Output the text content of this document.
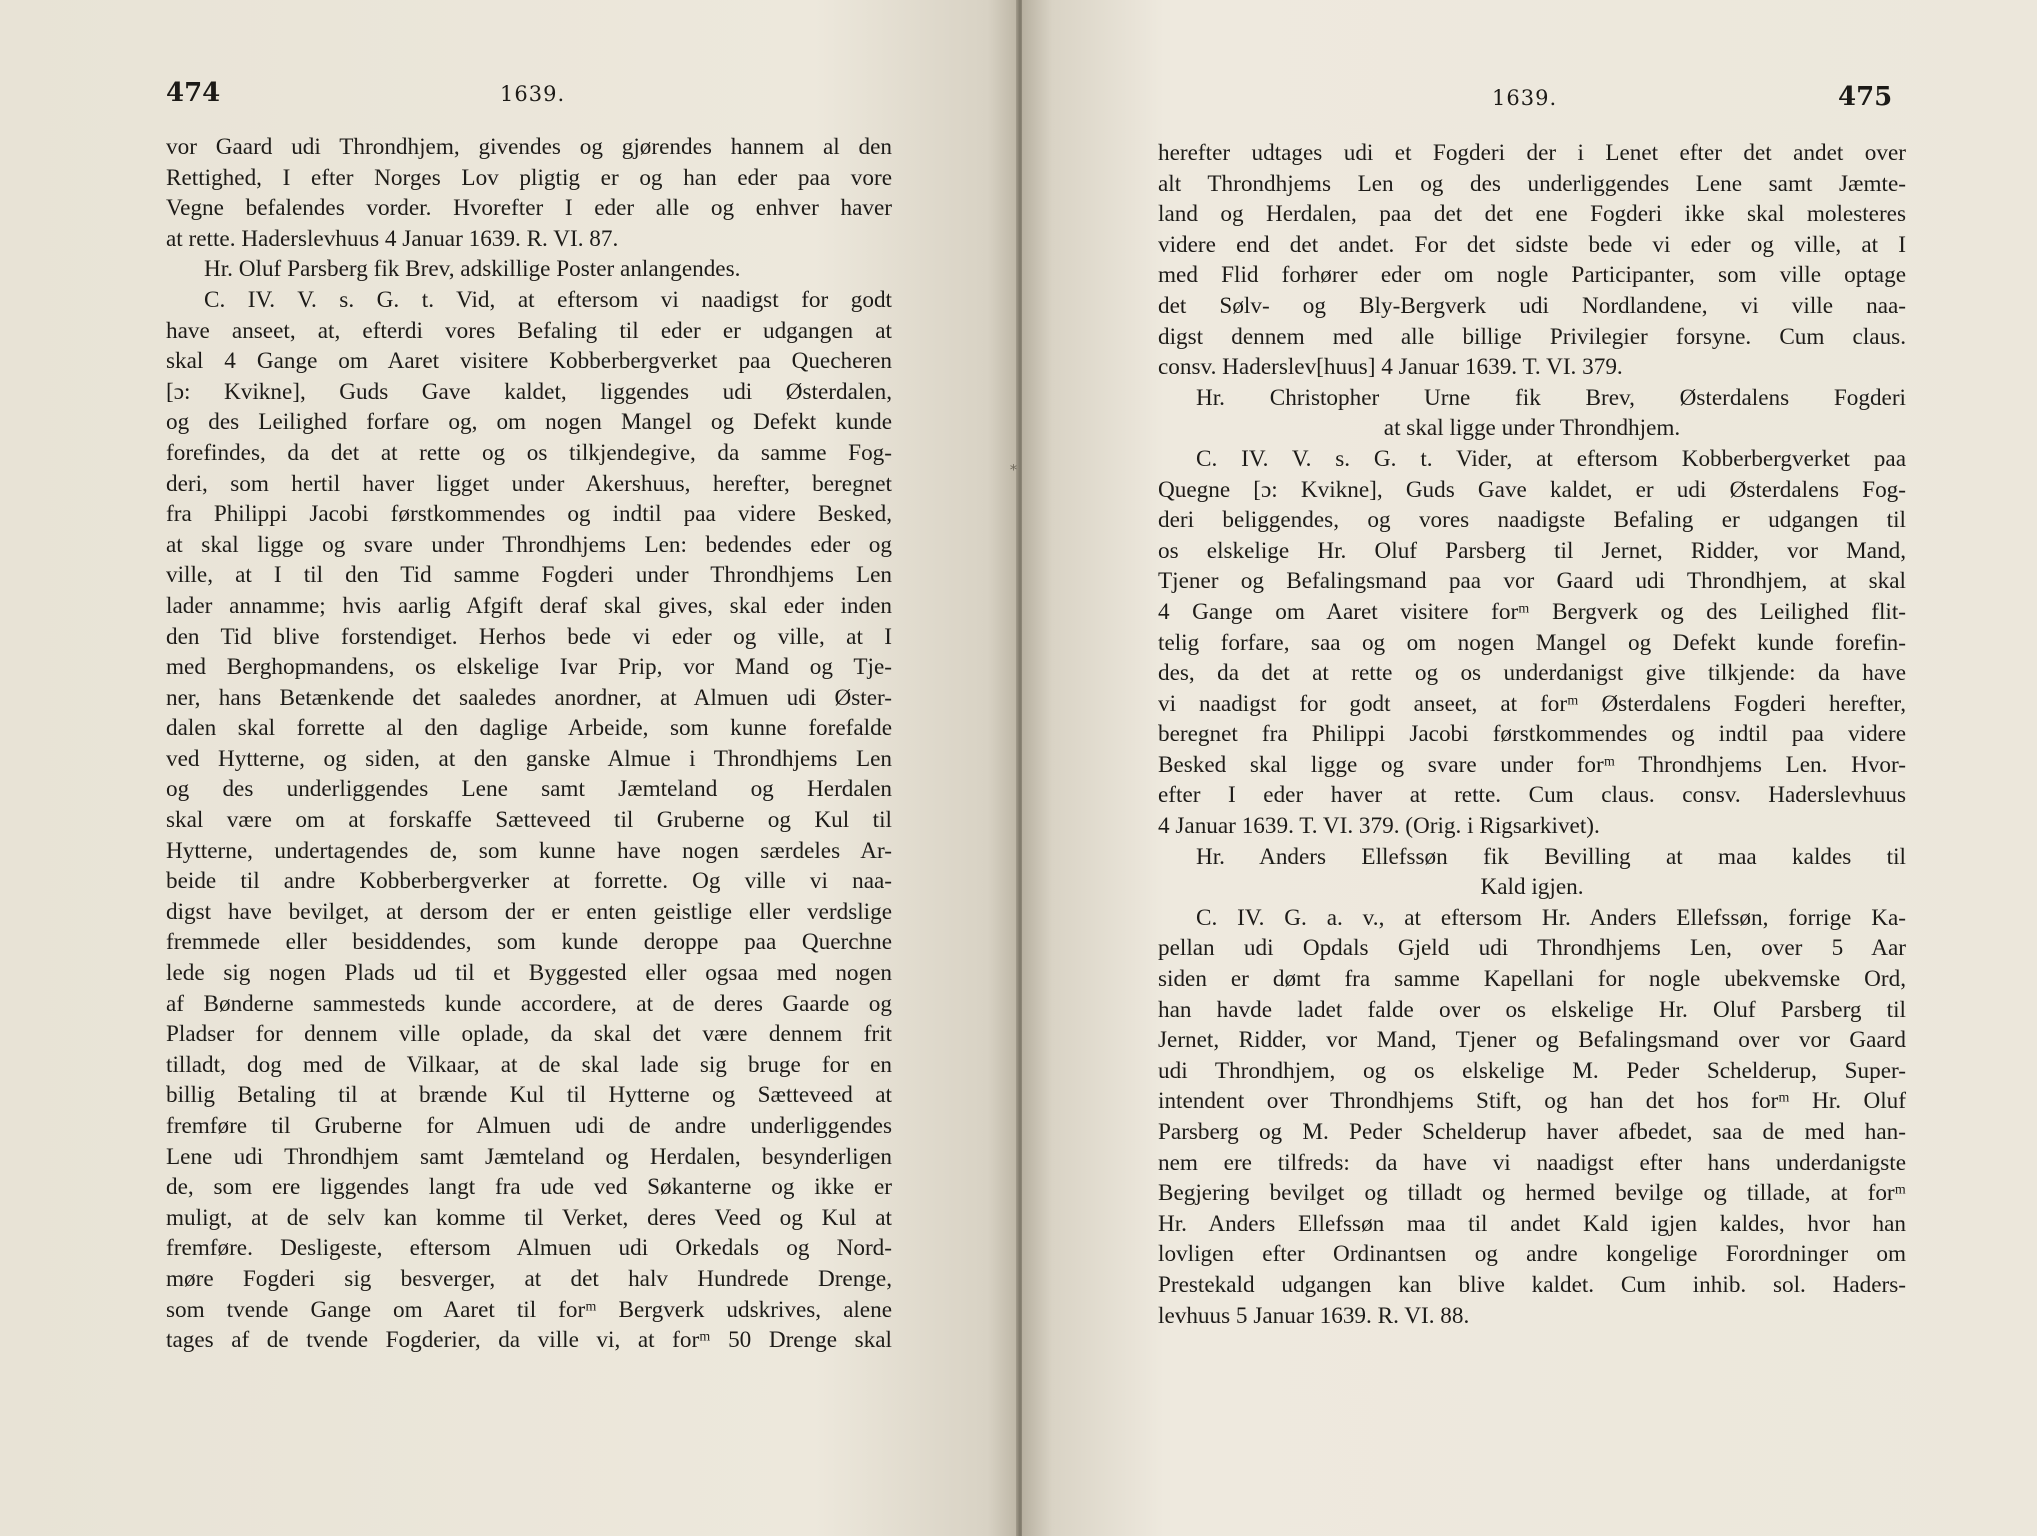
474	1639.
vor Gaard udi Throndhjem, givendes og gjørendes hannem al den
Rettighed, I efter Norges Lov pligtig er og han eder paa vore
Vegne befalendes vorder. Hvorefter I eder alle og enhver haver
at rette. Haderslevhuus 4 Januar 1639. R. VI. 87.
Hr. Oluf Parsberg fik Brev, adskillige Poster anlangendes.
C. IV. V. s. G. t. Vid, at eftersom vi naadigst for godt
have anseet, at, efterdi vores Befaling til eder er udgangen at
skal 4 Gange om Aaret visitere Kobberbergverket paa Quecheren
[ɔ: Kvikne], Guds Gave kaldet, liggendes udi Østerdalen,
og des Leilighed forfare og, om nogen Mangel og Defekt kunde
forefindes, da det at rette og os tilkjendegive, da samme Fog-
deri, som hertil haver ligget under Akershuus, herefter, beregnet
fra Philippi Jacobi førstkommendes og indtil paa videre Besked,
at skal ligge og svare under Throndhjems Len: bedendes eder og
ville, at I til den Tid samme Fogderi under Throndhjems Len
lader annamme; hvis aarlig Afgift deraf skal gives, skal eder inden
den Tid blive forstendiget. Herhos bede vi eder og ville, at I
med Berghopmandens, os elskelige Ivar Prip, vor Mand og Tje-
ner, hans Betænkende det saaledes anordner, at Almuen udi Øster-
dalen skal forrette al den daglige Arbeide, som kunne forefalde
ved Hytterne, og siden, at den ganske Almue i Throndhjems Len
og des underliggendes Lene samt Jæmteland og Herdalen
skal være om at forskaffe Sætteveed til Gruberne og Kul til
Hytterne, undertagendes de, som kunne have nogen særdeles Ar-
beide til andre Kobberbergverker at forrette. Og ville vi naa-
digst have bevilget, at dersom der er enten geistlige eller verdslige
fremmede eller besiddendes, som kunde deroppe paa Querchne
lede sig nogen Plads ud til et Byggested eller ogsaa med nogen
af Bønderne sammesteds kunde accordere, at de deres Gaarde og
Pladser for dennem ville oplade, da skal det være dennem frit
tilladt, dog med de Vilkaar, at de skal lade sig bruge for en
billig Betaling til at brænde Kul til Hytterne og Sætteveed at
fremføre til Gruberne for Almuen udi de andre underliggendes
Lene udi Throndhjem samt Jæmteland og Herdalen, besynderligen
de, som ere liggendes langt fra ude ved Søkanterne og ikke er
muligt, at de selv kan komme til Verket, deres Veed og Kul at
fremføre. Desligeste, eftersom Almuen udi Orkedals og Nord-
møre Fogderi sig besverger, at det halv Hundrede Drenge,
som tvende Gange om Aaret til forᵐ Bergverk udskrives, alene
tages af de tvende Fogderier, da ville vi, at forᵐ 50 Drenge skal
⁎
1639.	475
herefter udtages udi et Fogderi der i Lenet efter det andet over
alt Throndhjems Len og des underliggendes Lene samt Jæmte-
land og Herdalen, paa det det ene Fogderi ikke skal molesteres
videre end det andet. For det sidste bede vi eder og ville, at I
med Flid forhører eder om nogle Participanter, som ville optage
det Sølv- og Bly-Bergverk udi Nordlandene, vi ville naa-
digst dennem med alle billige Privilegier forsyne. Cum claus.
consv. Haderslev[huus] 4 Januar 1639. T. VI. 379.
Hr. Christopher Urne fik Brev, Østerdalens Fogderi
at skal ligge under Throndhjem.
C. IV. V. s. G. t. Vider, at eftersom Kobberbergverket paa
Quegne [ɔ: Kvikne], Guds Gave kaldet, er udi Østerdalens Fog-
deri beliggendes, og vores naadigste Befaling er udgangen til
os elskelige Hr. Oluf Parsberg til Jernet, Ridder, vor Mand,
Tjener og Befalingsmand paa vor Gaard udi Throndhjem, at skal
4 Gange om Aaret visitere forᵐ Bergverk og des Leilighed flit-
telig forfare, saa og om nogen Mangel og Defekt kunde forefin-
des, da det at rette og os underdanigst give tilkjende: da have
vi naadigst for godt anseet, at forᵐ Østerdalens Fogderi herefter,
beregnet fra Philippi Jacobi førstkommendes og indtil paa videre
Besked skal ligge og svare under forᵐ Throndhjems Len. Hvor-
efter I eder haver at rette. Cum claus. consv. Haderslevhuus
4 Januar 1639. T. VI. 379. (Orig. i Rigsarkivet).
Hr. Anders Ellefssøn fik Bevilling at maa kaldes til
Kald igjen.
C. IV. G. a. v., at eftersom Hr. Anders Ellefssøn, forrige Ka-
pellan udi Opdals Gjeld udi Throndhjems Len, over 5 Aar
siden er dømt fra samme Kapellani for nogle ubekvemske Ord,
han havde ladet falde over os elskelige Hr. Oluf Parsberg til
Jernet, Ridder, vor Mand, Tjener og Befalingsmand over vor Gaard
udi Throndhjem, og os elskelige M. Peder Schelderup, Super-
intendent over Throndhjems Stift, og han det hos forᵐ Hr. Oluf
Parsberg og M. Peder Schelderup haver afbedet, saa de med han-
nem ere tilfreds: da have vi naadigst efter hans underdanigste
Begjering bevilget og tilladt og hermed bevilge og tillade, at forᵐ
Hr. Anders Ellefssøn maa til andet Kald igjen kaldes, hvor han
lovligen efter Ordinantsen og andre kongelige Forordninger om
Prestekald udgangen kan blive kaldet. Cum inhib. sol. Haders-
levhuus 5 Januar 1639. R. VI. 88.
